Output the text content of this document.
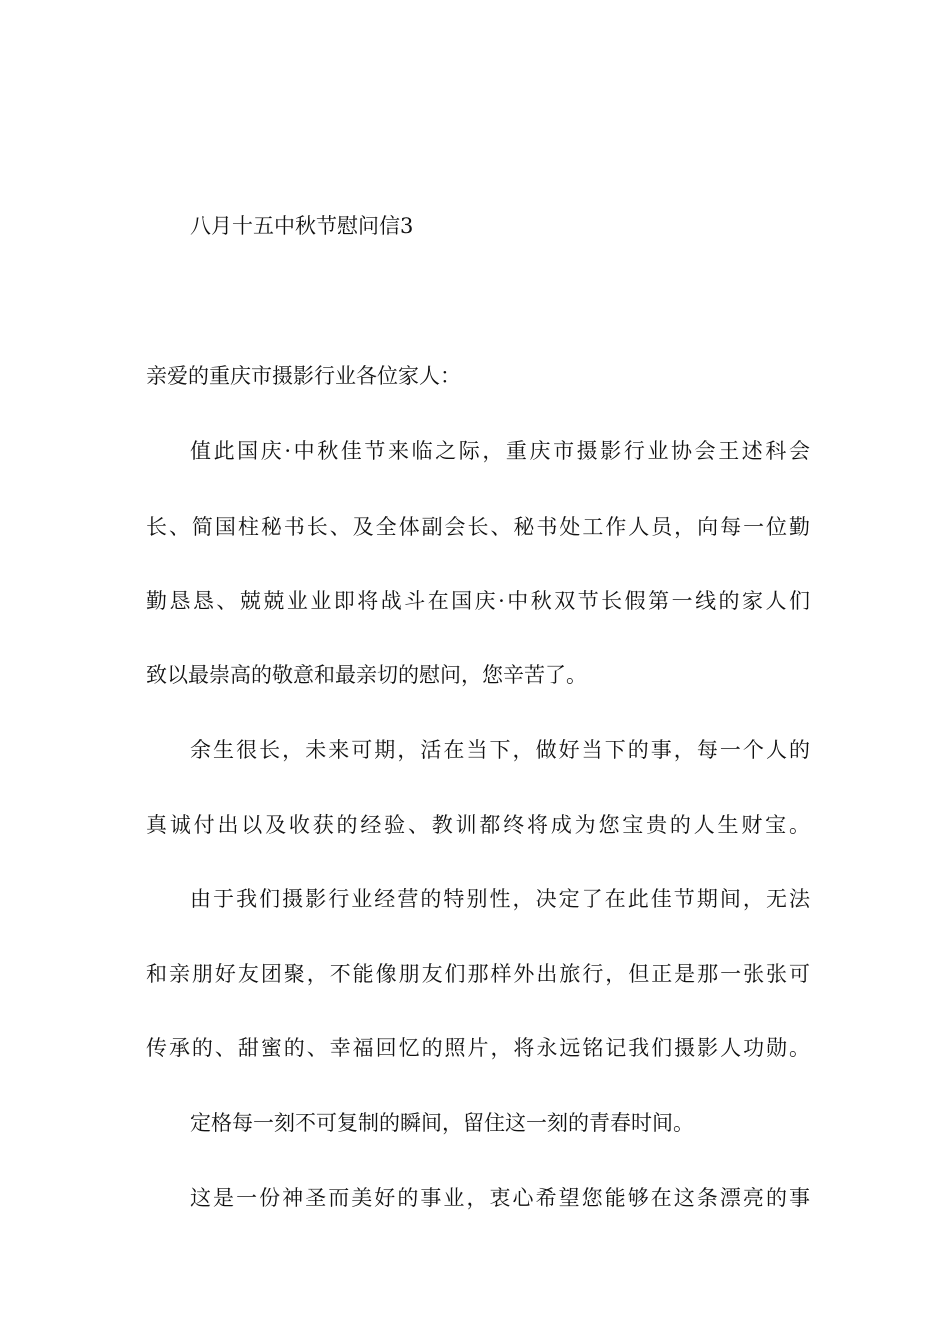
八月十五中秋节慰问信3
亲爱的重庆市摄影行业各位家人：
值此国庆·中秋佳节来临之际，重庆市摄影行业协会王述科会
长、简国柱秘书长、及全体副会长、秘书处工作人员，向每一位勤
勤恳恳、兢兢业业即将战斗在国庆·中秋双节长假第一线的家人们
致以最崇高的敬意和最亲切的慰问，您辛苦了。
余生很长，未来可期，活在当下，做好当下的事，每一个人的
真诚付出以及收获的经验、教训都终将成为您宝贵的人生财宝。
由于我们摄影行业经营的特别性，决定了在此佳节期间，无法
和亲朋好友团聚，不能像朋友们那样外出旅行，但正是那一张张可
传承的、甜蜜的、幸福回忆的照片，将永远铭记我们摄影人功勋。
定格每一刻不可复制的瞬间，留住这一刻的青春时间。
这是一份神圣而美好的事业，衷心希望您能够在这条漂亮的事
